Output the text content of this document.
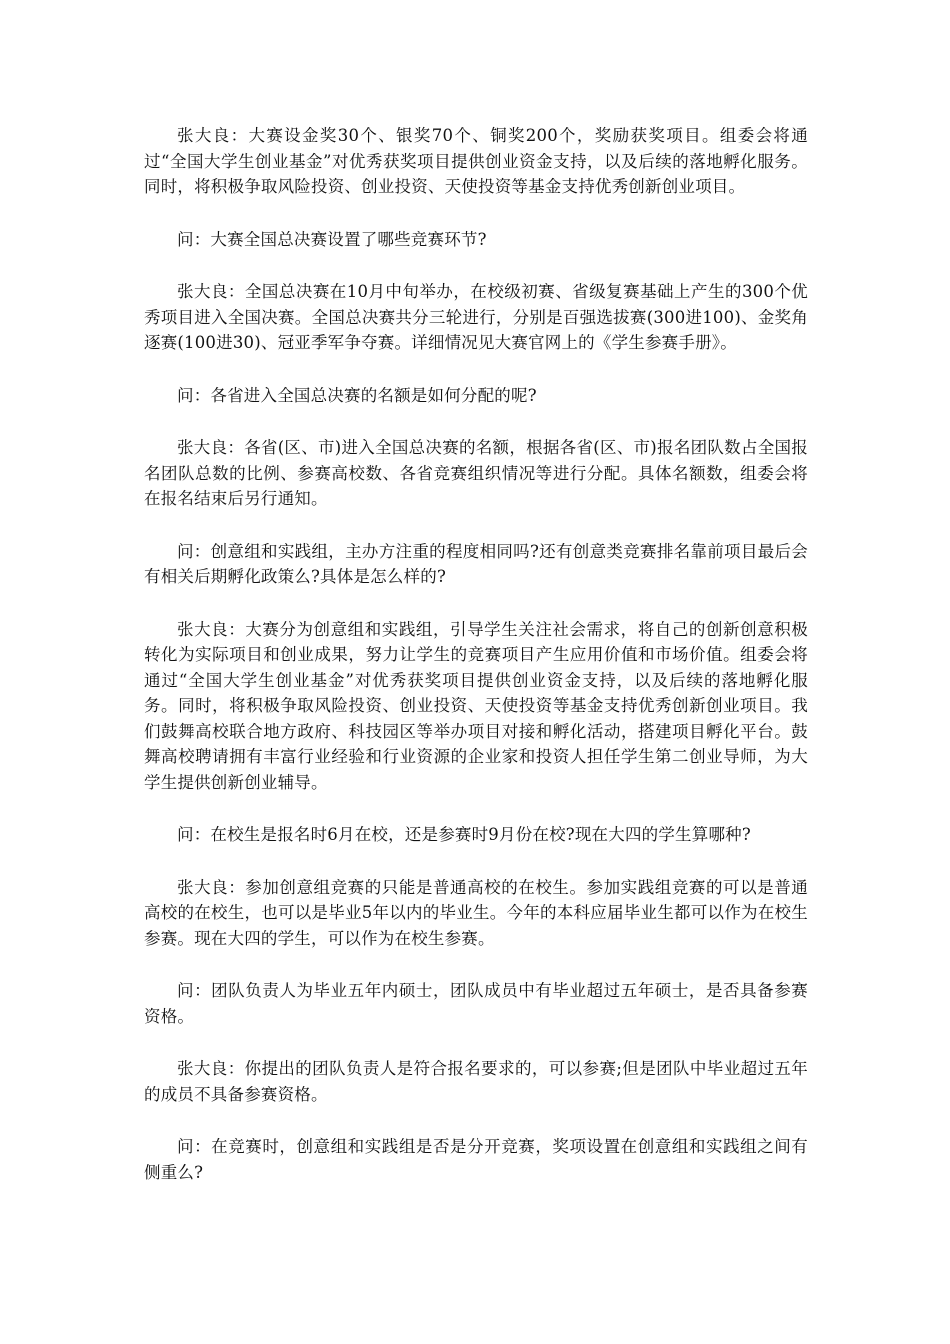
张大良：大赛设金奖30个、银奖70个、铜奖200个，奖励获奖项目。组委会将通过“全国大学生创业基金”对优秀获奖项目提供创业资金支持，以及后续的落地孵化服务。同时，将积极争取风险投资、创业投资、天使投资等基金支持优秀创新创业项目。

问：大赛全国总决赛设置了哪些竞赛环节?

张大良：全国总决赛在10月中旬举办，在校级初赛、省级复赛基础上产生的300个优秀项目进入全国决赛。全国总决赛共分三轮进行，分别是百强选拔赛(300进100)、金奖角逐赛(100进30)、冠亚季军争夺赛。详细情况见大赛官网上的《学生参赛手册》。

问：各省进入全国总决赛的名额是如何分配的呢?

张大良：各省(区、市)进入全国总决赛的名额，根据各省(区、市)报名团队数占全国报名团队总数的比例、参赛高校数、各省竞赛组织情况等进行分配。具体名额数，组委会将在报名结束后另行通知。

问：创意组和实践组，主办方注重的程度相同吗?还有创意类竞赛排名靠前项目最后会有相关后期孵化政策么?具体是怎么样的?

张大良：大赛分为创意组和实践组，引导学生关注社会需求，将自己的创新创意积极转化为实际项目和创业成果，努力让学生的竞赛项目产生应用价值和市场价值。组委会将通过“全国大学生创业基金”对优秀获奖项目提供创业资金支持，以及后续的落地孵化服务。同时，将积极争取风险投资、创业投资、天使投资等基金支持优秀创新创业项目。我们鼓舞高校联合地方政府、科技园区等举办项目对接和孵化活动，搭建项目孵化平台。鼓舞高校聘请拥有丰富行业经验和行业资源的企业家和投资人担任学生第二创业导师，为大学生提供创新创业辅导。

问：在校生是报名时6月在校，还是参赛时9月份在校?现在大四的学生算哪种?

张大良：参加创意组竞赛的只能是普通高校的在校生。参加实践组竞赛的可以是普通高校的在校生，也可以是毕业5年以内的毕业生。今年的本科应届毕业生都可以作为在校生参赛。现在大四的学生，可以作为在校生参赛。

问：团队负责人为毕业五年内硕士，团队成员中有毕业超过五年硕士，是否具备参赛资格。

张大良：你提出的团队负责人是符合报名要求的，可以参赛;但是团队中毕业超过五年的成员不具备参赛资格。

问：在竞赛时，创意组和实践组是否是分开竞赛，奖项设置在创意组和实践组之间有侧重么?
